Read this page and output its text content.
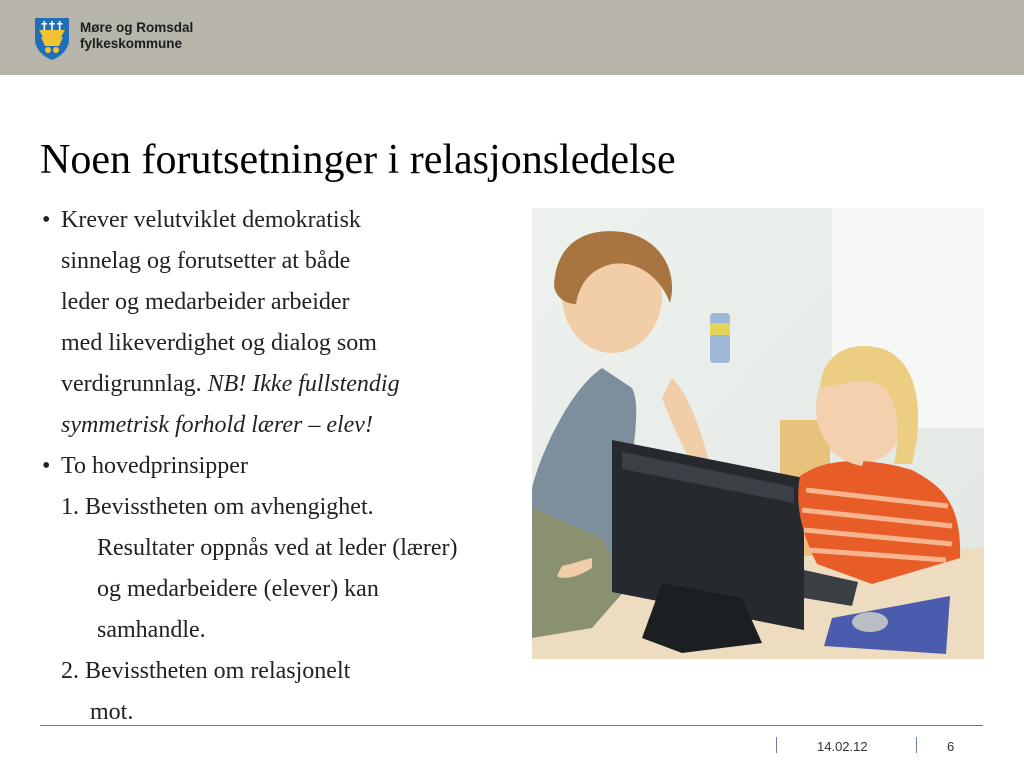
Møre og Romsdal
fylkeskommune
Noen forutsetninger i relasjonsledelse
• Krever velutviklet demokratisk
sinnelag og forutsetter at både
leder og medarbeider arbeider
med likeverdighet og dialog som
verdigrunnlag. NB! Ikke fullstendig
symmetrisk forhold lærer – elev!
• To hovedprinsipper
1. Bevisstheten om avhengighet.
Resultater oppnås ved at leder (lærer)
og medarbeidere (elever) kan
samhandle.
2. Bevisstheten om relasjonelt
mot.
14.02.12	6
